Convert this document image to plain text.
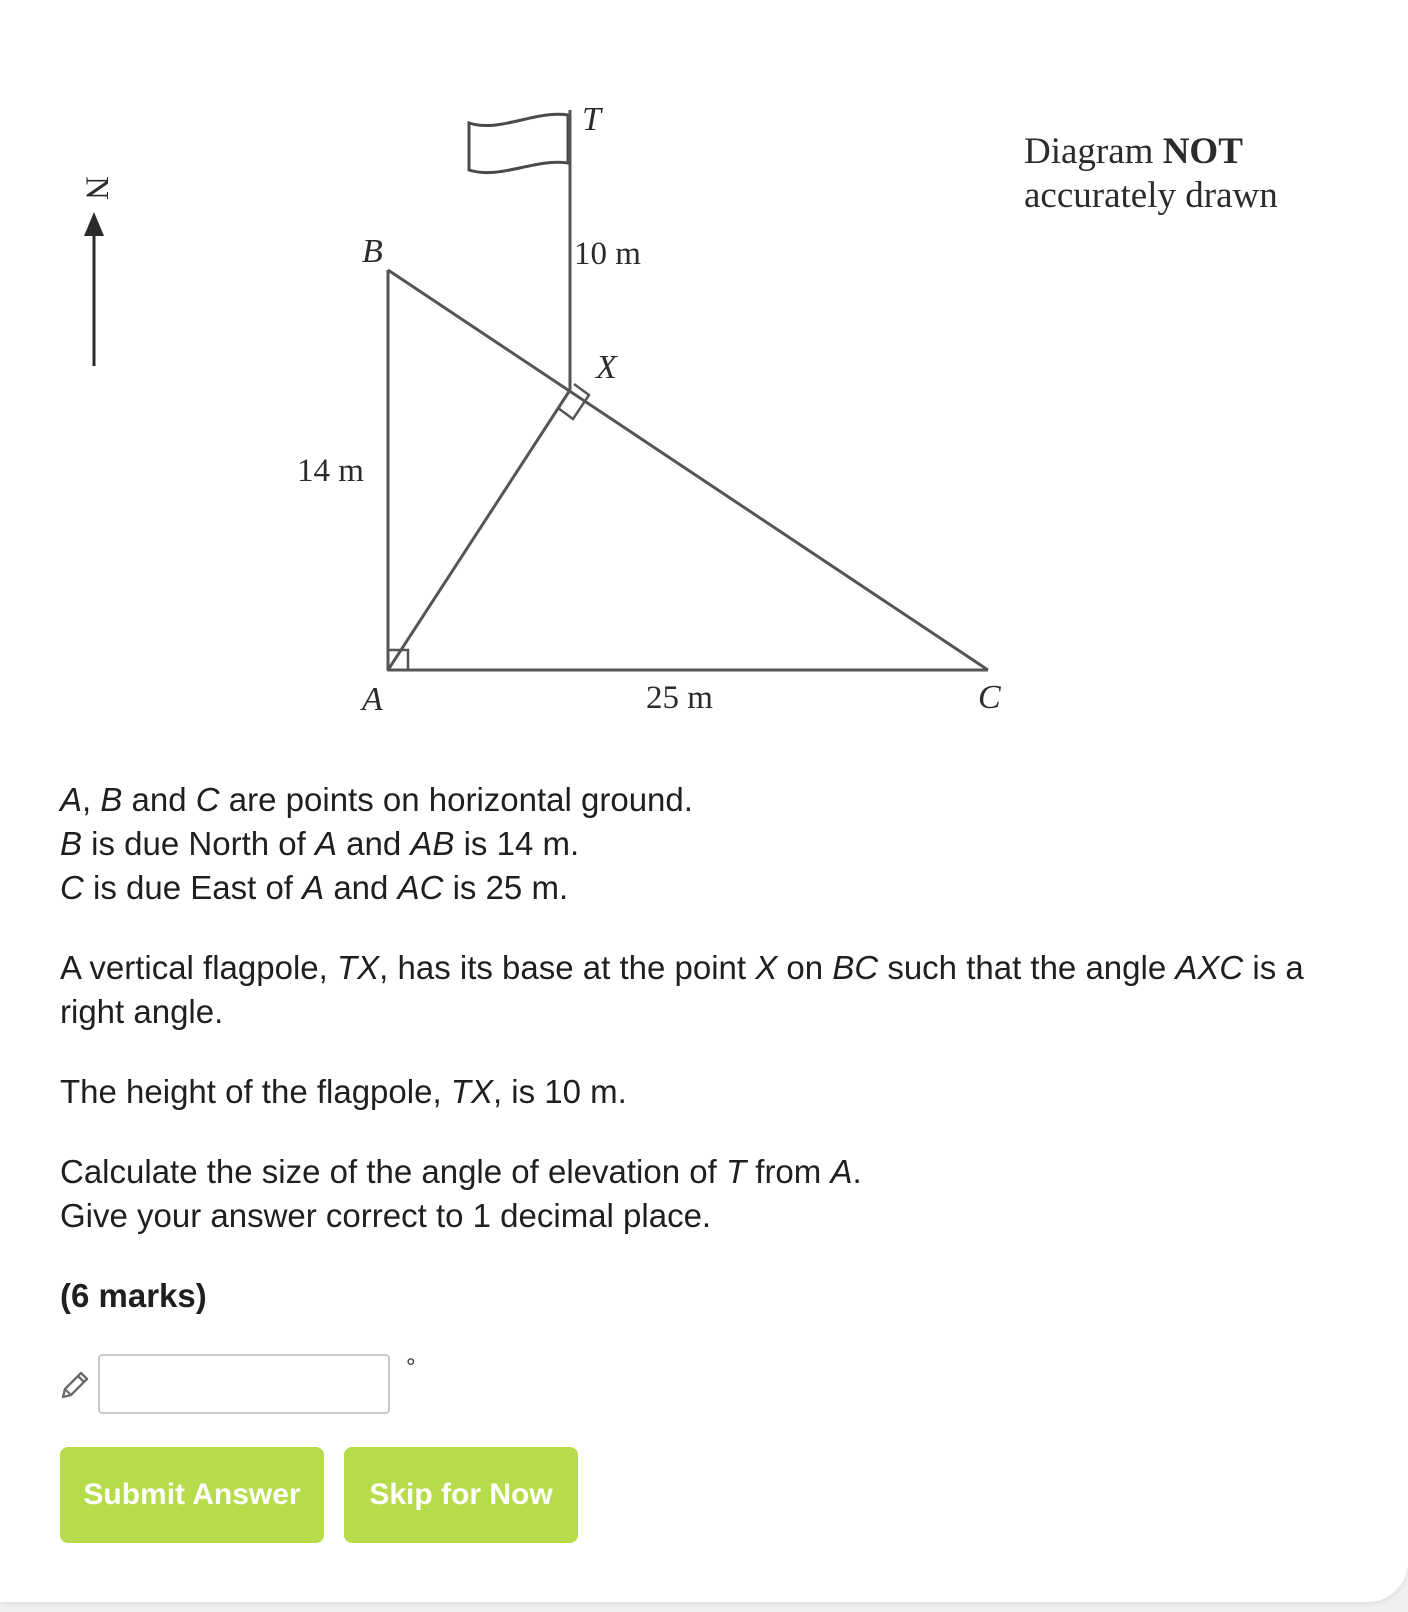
N
T
B
X
A	C
10 m
14 m
25 m
Diagram NOT
accurately drawn

A, B and C are points on horizontal ground.

B is due North of A and AB is 14 m.

C is due East of A and AC is 25 m.

A vertical flagpole, TX, has its base at the point X on BC such that the angle AXC is a right angle.

The height of the flagpole, TX, is 10 m.

Calculate the size of the angle of elevation of T from A.

Give your answer correct to 1 decimal place.

(6 marks)

°
Submit Answer	Skip for Now
